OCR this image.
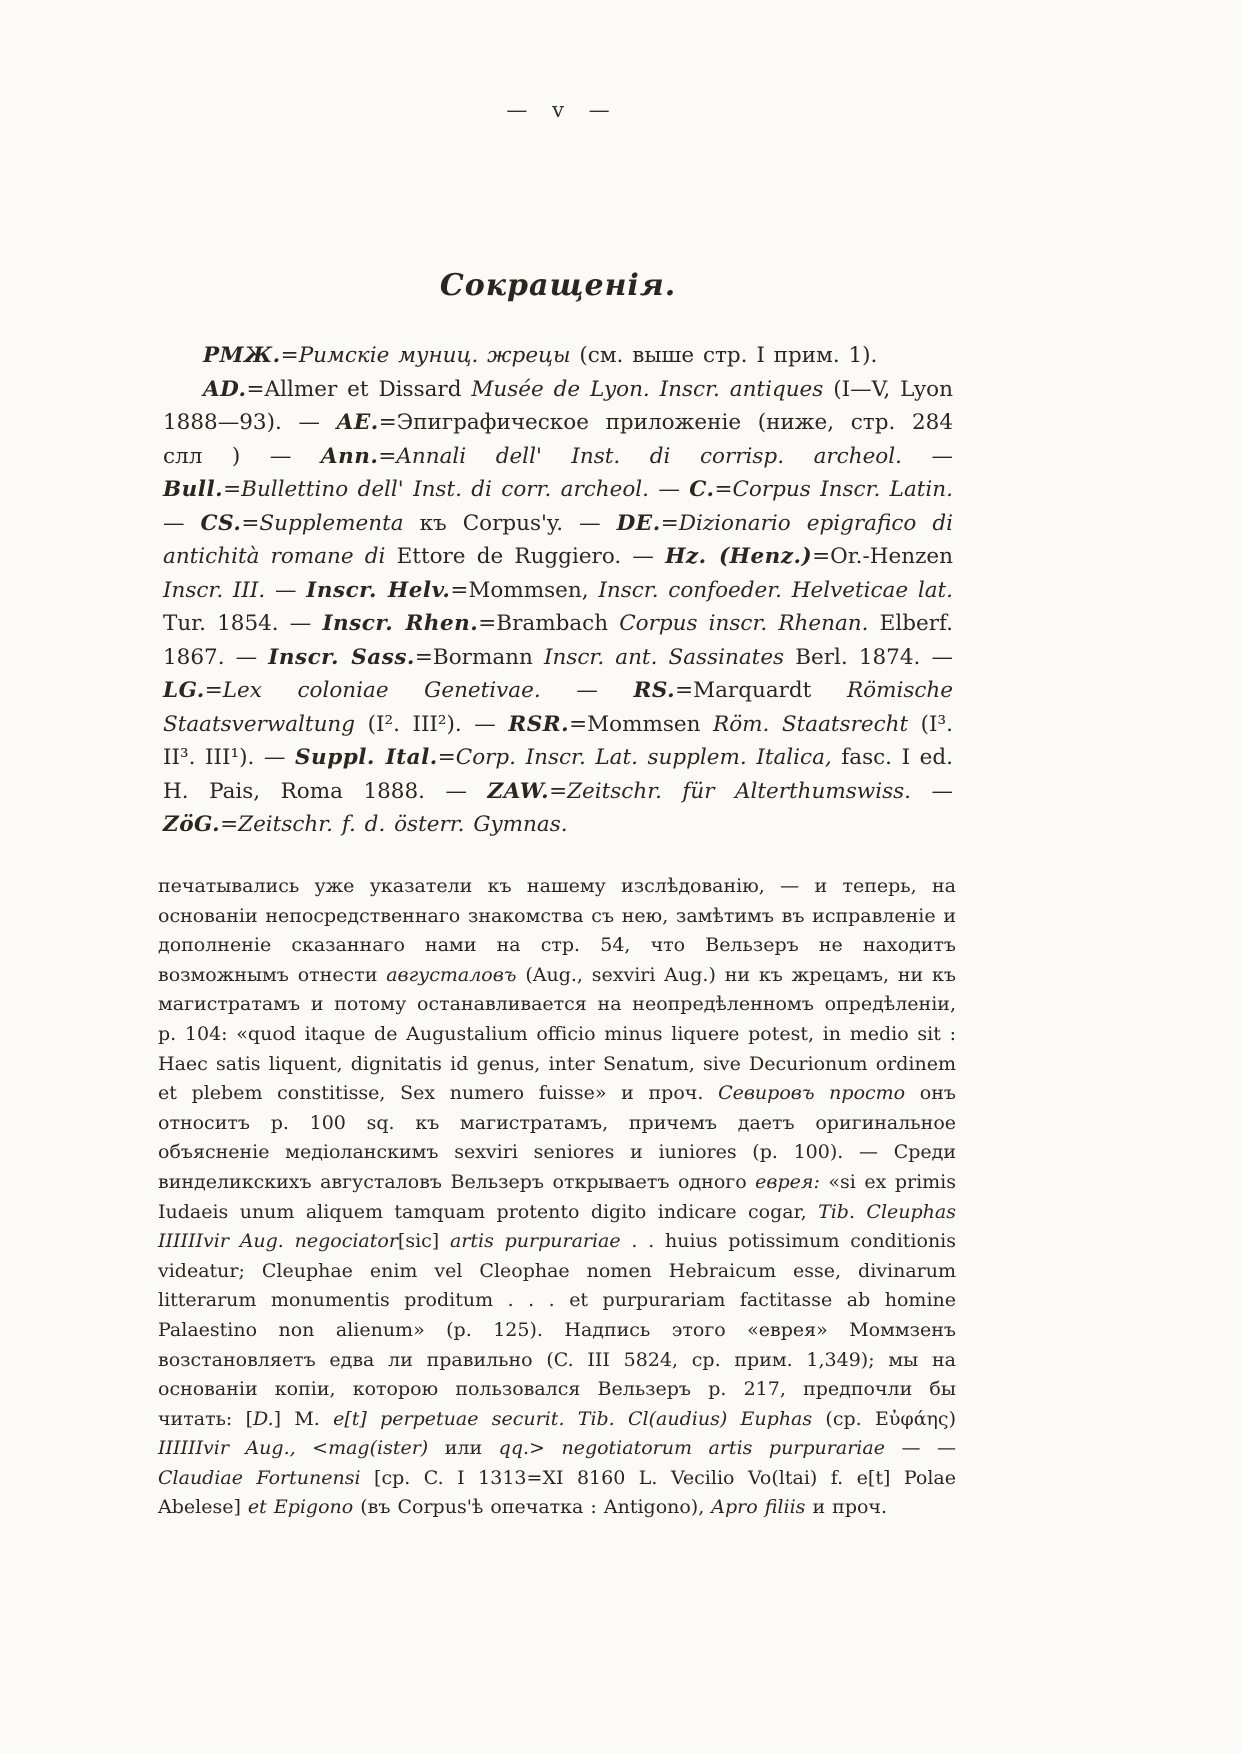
— v —
Сокращенія.

РМЖ.=Римскіе муниц. жрецы (см. выше стр. I прим. 1).

AD.=Allmer et Dissard Musée de Lyon. Inscr. antiques (I—V, Lyon 1888—93). — AE.=Эпиграфическое приложеніе (ниже, стр. 284 слл ) — Ann.=Annali dell' Inst. di corrisp. archeol. — Bull.=Bullettino dell' Inst. di corr. archeol. — C.=Corpus Inscr. Latin. — CS.=Supplementa къ Corpus'y. — DE.=Dizionario epigrafico di antichità romane di Ettore de Ruggiero. — Hz. (Henz.)=Or.-Henzen Inscr. III. — Inscr. Helv.=Mommsen, Inscr. confoeder. Helveticae lat. Tur. 1854. — Inscr. Rhen.=Brambach Corpus inscr. Rhenan. Elberf. 1867. — Inscr. Sass.=Bormann Inscr. ant. Sassinates Berl. 1874. — LG.=Lex coloniae Genetivae. — RS.=Marquardt Römische Staatsverwaltung (I². III²). — RSR.=Mommsen Röm. Staatsrecht (I³. II³. III¹). — Suppl. Ital.=Corp. Inscr. Lat. supplem. Italica, fasc. I ed. H. Pais, Roma 1888. — ZAW.=Zeitschr. für Alterthumswiss. — ZöG.=Zeitschr. f. d. österr. Gymnas.

печатывались уже указатели къ нашему изслѣдованію, — и теперь, на основаніи непосредственнаго знакомства съ нею, замѣтимъ въ исправленіе и дополненіе сказаннаго нами на стр. 54, что Вельзеръ не находитъ возможнымъ отнести августаловъ (Aug., sexviri Aug.) ни къ жрецамъ, ни къ магистратамъ и потому останавливается на неопредѣленномъ опредѣленіи, p. 104: «quod itaque de Augustalium officio minus liquere potest, in medio sit : Haec satis liquent, dignitatis id genus, inter Senatum, sive Decurionum ordinem et plebem constitisse, Sex numero fuisse» и проч. Севировъ просто онъ относитъ p. 100 sq. къ магистратамъ, причемъ даетъ оригинальное объясненіе медіоланскимъ sexviri seniores и iuniores (p. 100). — Среди винделикскихъ августаловъ Вельзеръ открываетъ одного еврея: «si ex primis Iudaeis unum aliquem tamquam protento digito indicare cogar, Tib. Cleuphas IIIIIIvir Aug. negociator[sic] artis purpurariae . . huius potissimum conditionis videatur; Cleuphae enim vel Cleophae nomen Hebraicum esse, divinarum litterarum monumentis proditum . . . et purpurariam factitasse ab homine Palaestino non alienum» (p. 125). Надпись этого «еврея» Моммзенъ возстановляетъ едва ли правильно (C. III 5824, ср. прим. 1,349); мы на основаніи копіи, которою пользовался Вельзеръ p. 217, предпочли бы читать: [D.] M. e[t] perpetuae securit. Tib. Cl(audius) Euphas (ср. Εὐφάης) IIIIIIvir Aug., <mag(ister) или qq.> negotiatorum artis purpurariae — — Claudiae Fortunensi [ср. C. I 1313=XI 8160 L. Vecilio Vo(ltai) f. e[t] Polae Abelese] et Epigono (въ Corpus'ѣ опечатка : Antigono), Apro filiis и проч.
